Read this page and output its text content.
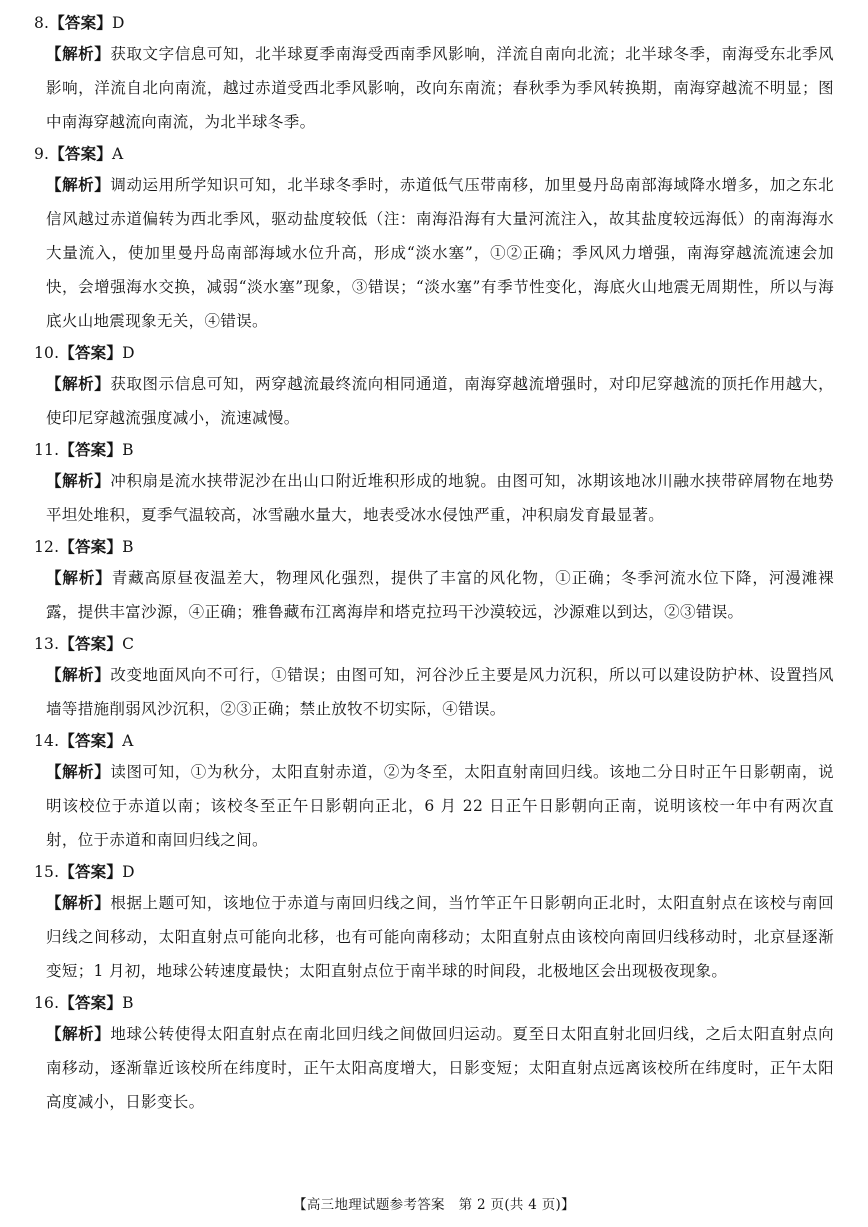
8.【答案】D
【解析】获取文字信息可知，北半球夏季南海受西南季风影响，洋流自南向北流；北半球冬季，南海受东北季风影响，洋流自北向南流，越过赤道受西北季风影响，改向东南流；春秋季为季风转换期，南海穿越流不明显；图中南海穿越流向南流，为北半球冬季。
9.【答案】A
【解析】调动运用所学知识可知，北半球冬季时，赤道低气压带南移，加里曼丹岛南部海域降水增多，加之东北信风越过赤道偏转为西北季风，驱动盐度较低（注：南海沿海有大量河流注入，故其盐度较远海低）的南海海水大量流入，使加里曼丹岛南部海域水位升高，形成“淡水塞”，①②正确；季风风力增强，南海穿越流流速会加快，会增强海水交换，减弱“淡水塞”现象，③错误；“淡水塞”有季节性变化，海底火山地震无周期性，所以与海底火山地震现象无关，④错误。
10.【答案】D
【解析】获取图示信息可知，两穿越流最终流向相同通道，南海穿越流增强时，对印尼穿越流的顶托作用越大，使印尼穿越流强度减小，流速减慢。
11.【答案】B
【解析】冲积扇是流水挟带泥沙在出山口附近堆积形成的地貌。由图可知，冰期该地冰川融水挟带碎屑物在地势平坦处堆积，夏季气温较高，冰雪融水量大，地表受冰水侵蚀严重，冲积扇发育最显著。
12.【答案】B
【解析】青藏高原昼夜温差大，物理风化强烈，提供了丰富的风化物，①正确；冬季河流水位下降，河漫滩裸露，提供丰富沙源，④正确；雅鲁藏布江离海岸和塔克拉玛干沙漠较远，沙源难以到达，②③错误。
13.【答案】C
【解析】改变地面风向不可行，①错误；由图可知，河谷沙丘主要是风力沉积，所以可以建设防护林、设置挡风墙等措施削弱风沙沉积，②③正确；禁止放牧不切实际，④错误。
14.【答案】A
【解析】读图可知，①为秋分，太阳直射赤道，②为冬至，太阳直射南回归线。该地二分日时正午日影朝南，说明该校位于赤道以南；该校冬至正午日影朝向正北，6 月 22 日正午日影朝向正南，说明该校一年中有两次直射，位于赤道和南回归线之间。
15.【答案】D
【解析】根据上题可知，该地位于赤道与南回归线之间，当竹竿正午日影朝向正北时，太阳直射点在该校与南回归线之间移动，太阳直射点可能向北移，也有可能向南移动；太阳直射点由该校向南回归线移动时，北京昼逐渐变短；1 月初，地球公转速度最快；太阳直射点位于南半球的时间段，北极地区会出现极夜现象。
16.【答案】B
【解析】地球公转使得太阳直射点在南北回归线之间做回归运动。夏至日太阳直射北回归线，之后太阳直射点向南移动，逐渐靠近该校所在纬度时，正午太阳高度增大，日影变短；太阳直射点远离该校所在纬度时，正午太阳高度减小，日影变长。
【高三地理试题参考答案　第 2 页(共 4 页)】
